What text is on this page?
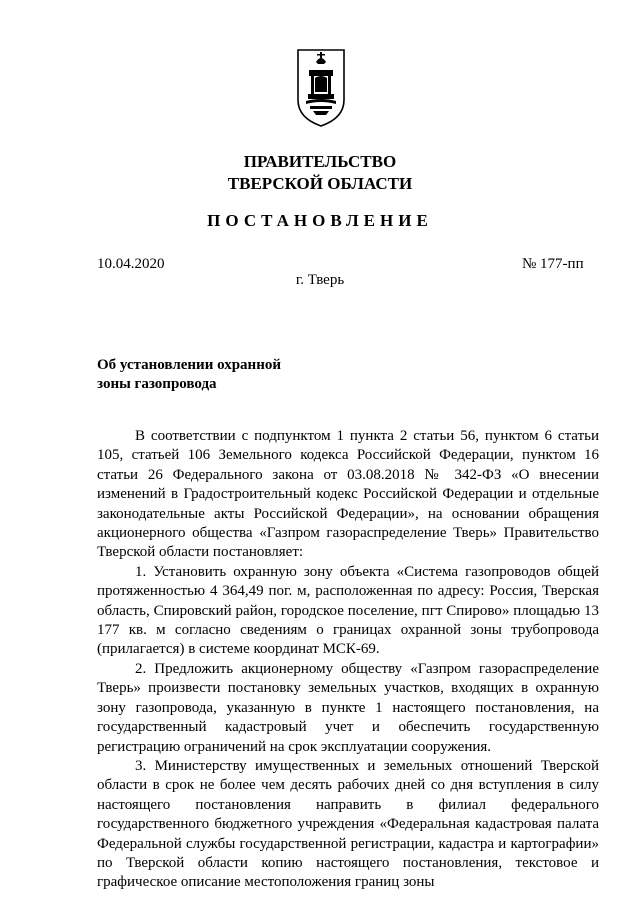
ПРАВИТЕЛЬСТВО
ТВЕРСКОЙ ОБЛАСТИ
ПОСТАНОВЛЕНИЕ
10.04.2020	№ 177-пп
г. Тверь
Об установлении охранной
зоны газопровода

В соответствии с подпунктом 1 пункта 2 статьи 56, пунктом 6 статьи 105, статьей 106 Земельного кодекса Российской Федерации, пунктом 16 статьи 26 Федерального закона от 03.08.2018 № 342-ФЗ «О внесении изменений в Градостроительный кодекс Российской Федерации и отдельные законодательные акты Российской Федерации», на основании обращения акционерного общества «Газпром газораспределение Тверь» Правительство Тверской области постановляет:

1. Установить охранную зону объекта «Система газопроводов общей протяженностью 4 364,49 пог. м, расположенная по адресу: Россия, Тверская область, Спировский район, городское поселение, пгт Спирово» площадью 13 177 кв. м согласно сведениям о границах охранной зоны трубопровода (прилагается) в системе координат МСК-69.

2. Предложить акционерному обществу «Газпром газораспределение Тверь» произвести постановку земельных участков, входящих в охранную зону газопровода, указанную в пункте 1 настоящего постановления, на государственный кадастровый учет и обеспечить государственную регистрацию ограничений на срок эксплуатации сооружения.

3. Министерству имущественных и земельных отношений Тверской области в срок не более чем десять рабочих дней со дня вступления в силу настоящего постановления направить в филиал федерального государственного бюджетного учреждения «Федеральная кадастровая палата Федеральной службы государственной регистрации, кадастра и картографии» по Тверской области копию настоящего постановления, текстовое и графическое описание местоположения границ зоны
